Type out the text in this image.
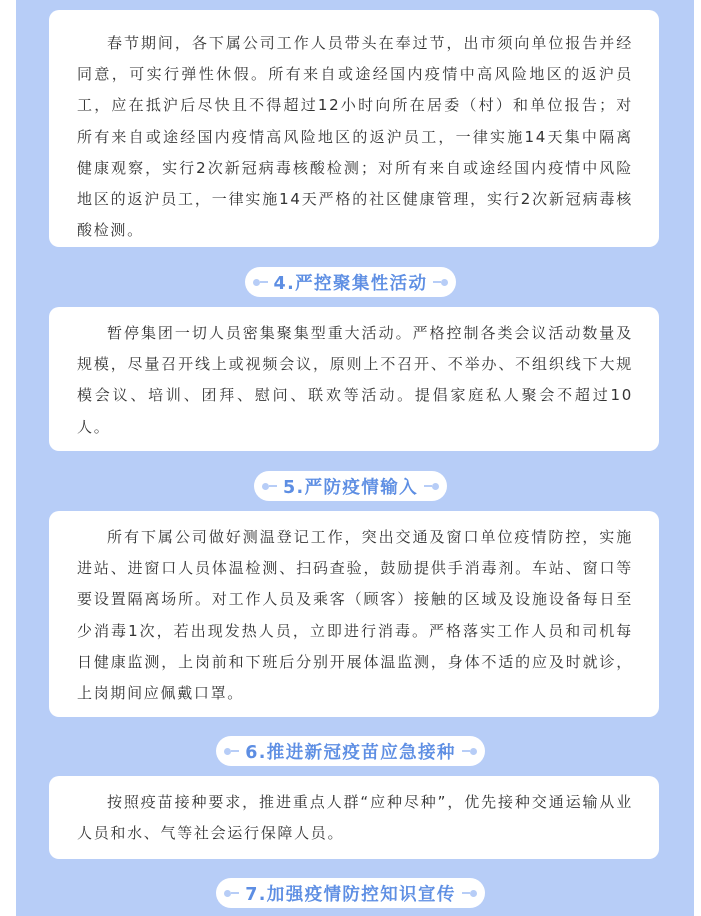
春节期间，各下属公司工作人员带头在奉过节，出市须向单位报告并经同意，可实行弹性休假。所有来自或途经国内疫情中高风险地区的返沪员工，应在抵沪后尽快且不得超过12小时向所在居委（村）和单位报告；对所有来自或途经国内疫情高风险地区的返沪员工，一律实施14天集中隔离健康观察，实行2次新冠病毒核酸检测；对所有来自或途经国内疫情中风险地区的返沪员工，一律实施14天严格的社区健康管理，实行2次新冠病毒核酸检测。

4.严控聚集性活动

暂停集团一切人员密集聚集型重大活动。严格控制各类会议活动数量及规模，尽量召开线上或视频会议，原则上不召开、不举办、不组织线下大规模会议、培训、团拜、慰问、联欢等活动。提倡家庭私人聚会不超过10人。

5.严防疫情输入

所有下属公司做好测温登记工作，突出交通及窗口单位疫情防控，实施进站、进窗口人员体温检测、扫码查验，鼓励提供手消毒剂。车站、窗口等要设置隔离场所。对工作人员及乘客（顾客）接触的区域及设施设备每日至少消毒1次，若出现发热人员，立即进行消毒。严格落实工作人员和司机每日健康监测，上岗前和下班后分别开展体温监测，身体不适的应及时就诊，上岗期间应佩戴口罩。

6.推进新冠疫苗应急接种

按照疫苗接种要求，推进重点人群“应种尽种”，优先接种交通运输从业人员和水、气等社会运行保障人员。

7.加强疫情防控知识宣传
